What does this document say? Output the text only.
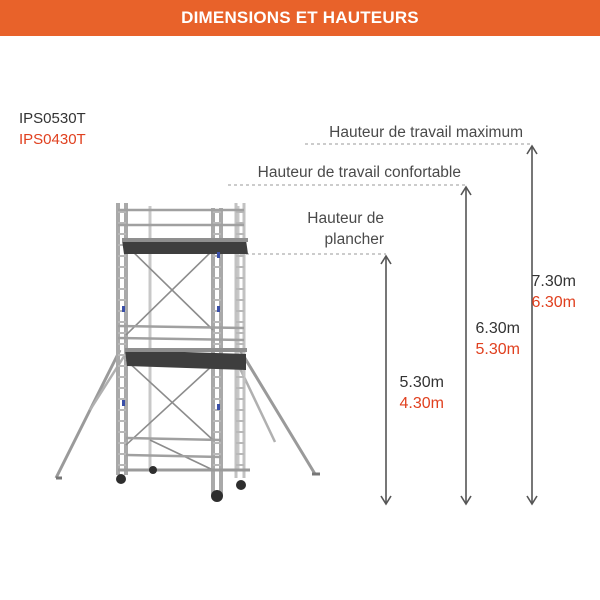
DIMENSIONS ET HAUTEURS
IPS0530T
IPS0430T	Hauteur de travail maximum
Hauteur de travail confortable
Hauteur de
plancher
7.30m
6.30m
6.30m
5.30m
5.30m
4.30m
